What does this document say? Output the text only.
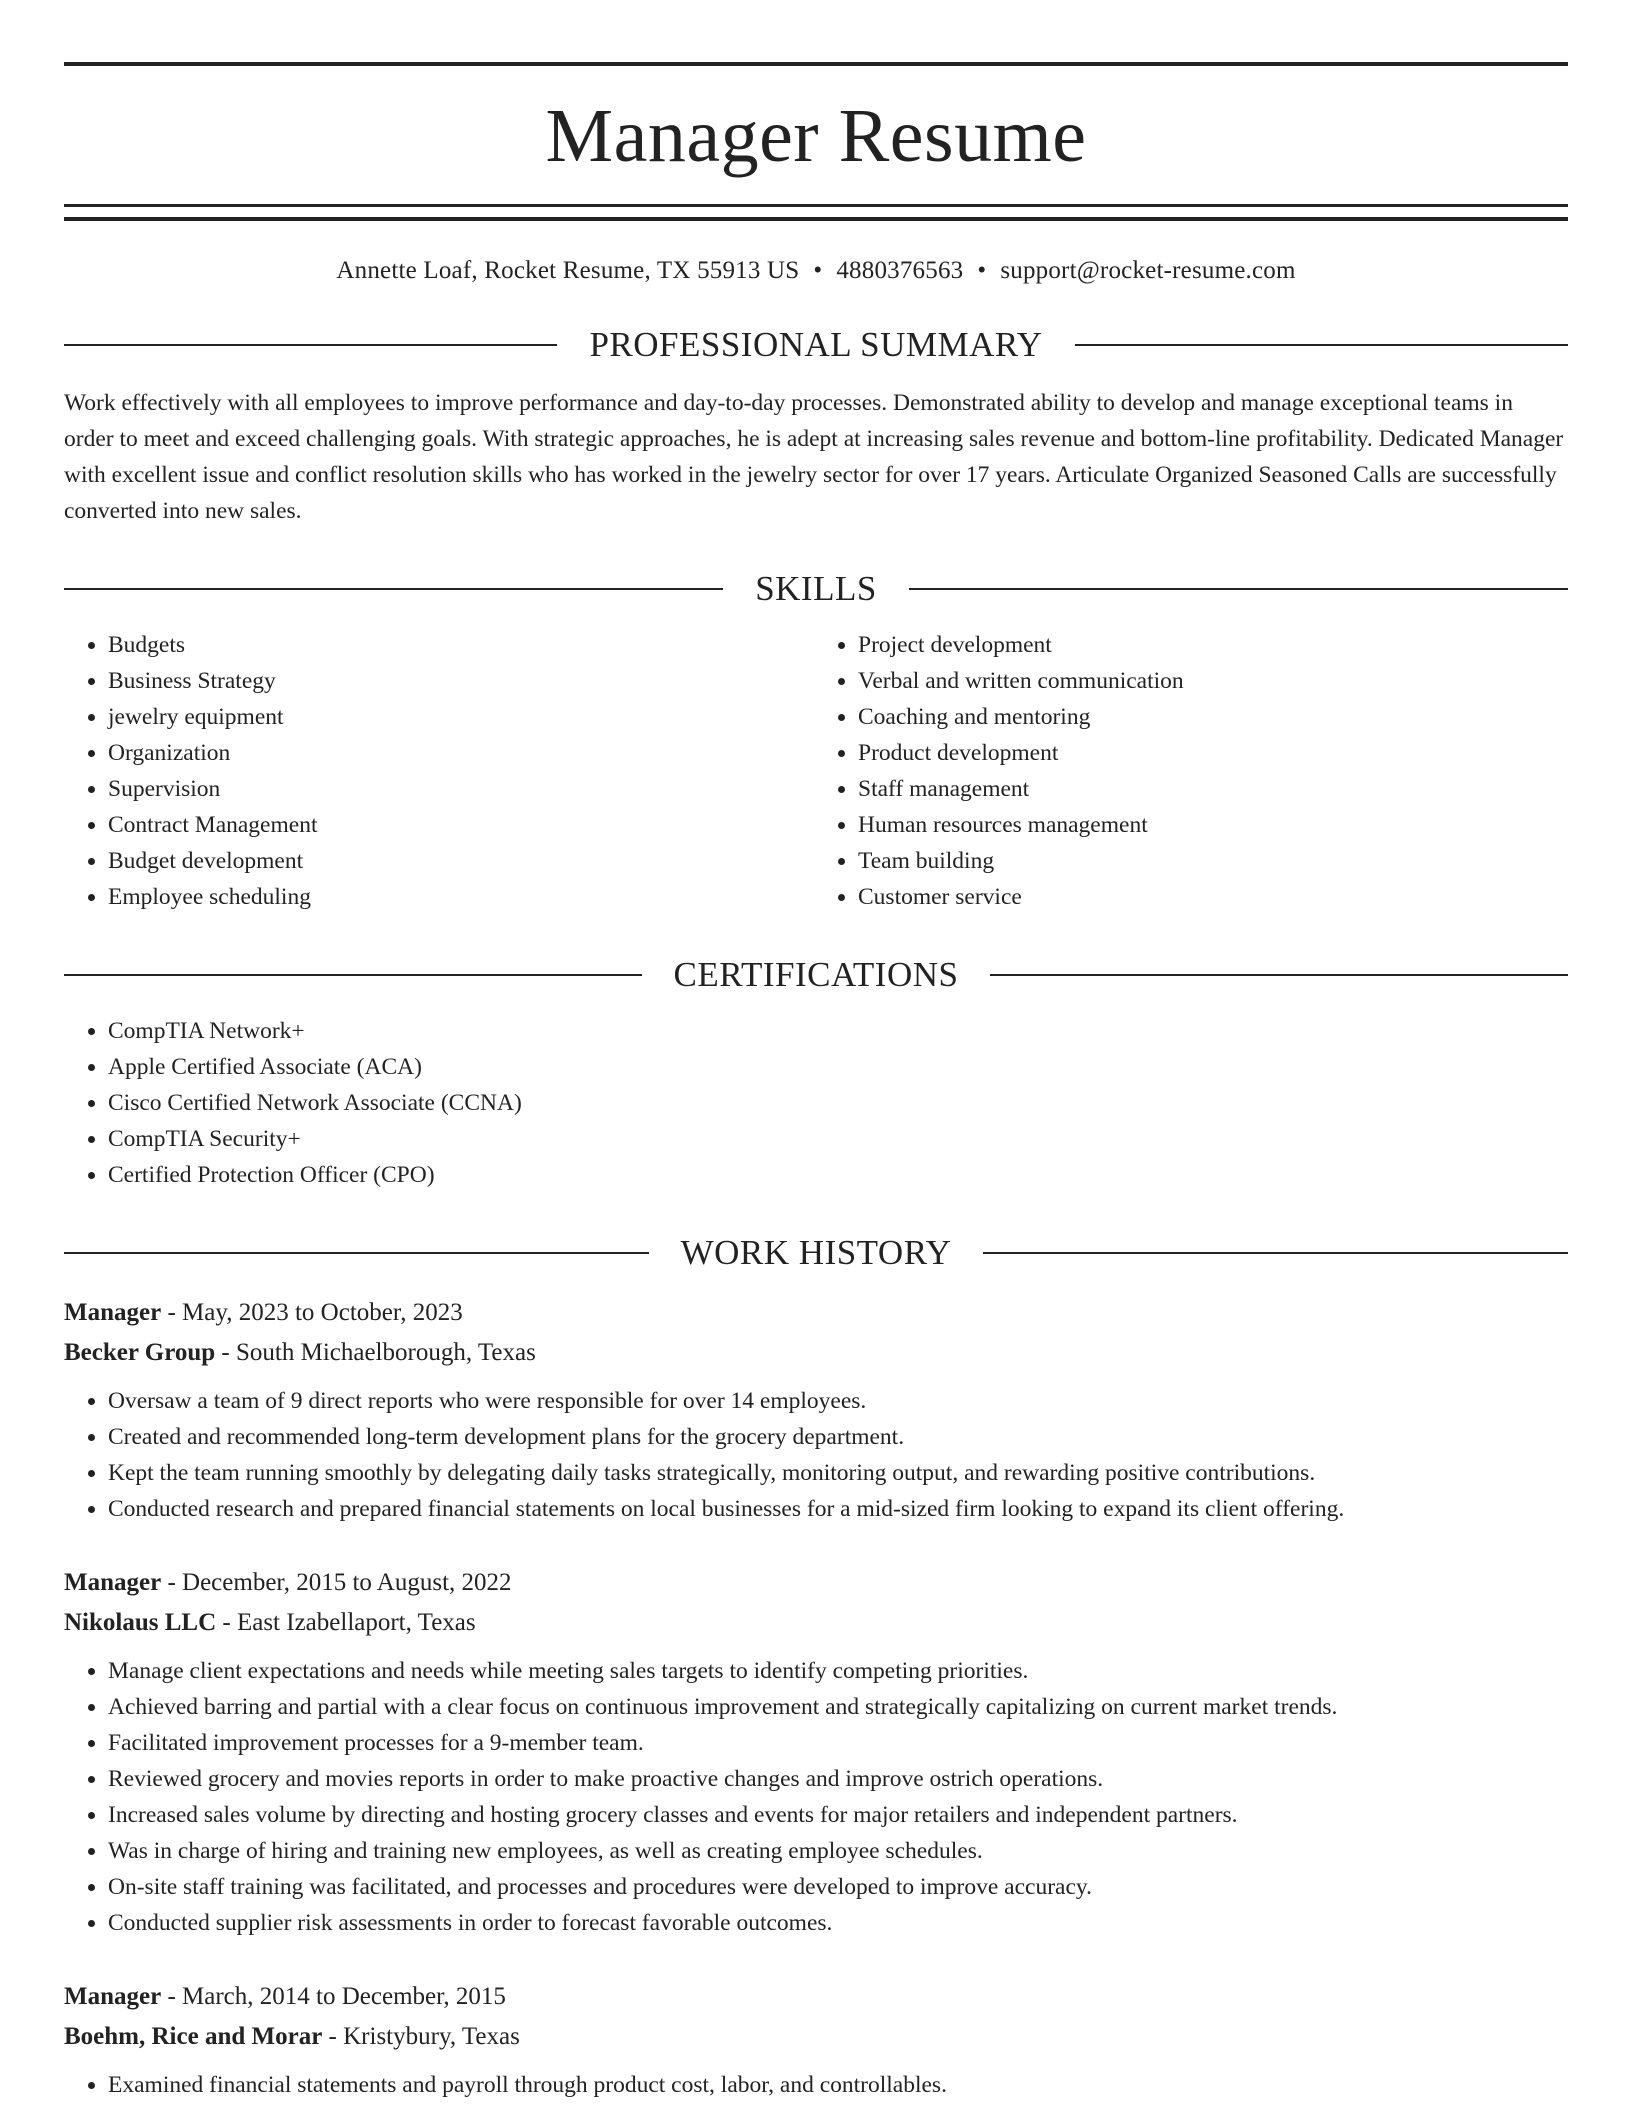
Manager Resume
Annette Loaf, Rocket Resume, TX 55913 US • 4880376563 • support@rocket-resume.com
PROFESSIONAL SUMMARY
Work effectively with all employees to improve performance and day-to-day processes. Demonstrated ability to develop and manage exceptional teams in order to meet and exceed challenging goals. With strategic approaches, he is adept at increasing sales revenue and bottom-line profitability. Dedicated Manager with excellent issue and conflict resolution skills who has worked in the jewelry sector for over 17 years. Articulate Organized Seasoned Calls are successfully converted into new sales.
SKILLS
• Budgets
• Business Strategy
• jewelry equipment
• Organization
• Supervision
• Contract Management
• Budget development
• Employee scheduling
• Project development
• Verbal and written communication
• Coaching and mentoring
• Product development
• Staff management
• Human resources management
• Team building
• Customer service
CERTIFICATIONS
• CompTIA Network+
• Apple Certified Associate (ACA)
• Cisco Certified Network Associate (CCNA)
• CompTIA Security+
• Certified Protection Officer (CPO)
WORK HISTORY
Manager - May, 2023 to October, 2023
Becker Group - South Michaelborough, Texas
• Oversaw a team of 9 direct reports who were responsible for over 14 employees.
• Created and recommended long-term development plans for the grocery department.
• Kept the team running smoothly by delegating daily tasks strategically, monitoring output, and rewarding positive contributions.
• Conducted research and prepared financial statements on local businesses for a mid-sized firm looking to expand its client offering.
Manager - December, 2015 to August, 2022
Nikolaus LLC - East Izabellaport, Texas
• Manage client expectations and needs while meeting sales targets to identify competing priorities.
• Achieved barring and partial with a clear focus on continuous improvement and strategically capitalizing on current market trends.
• Facilitated improvement processes for a 9-member team.
• Reviewed grocery and movies reports in order to make proactive changes and improve ostrich operations.
• Increased sales volume by directing and hosting grocery classes and events for major retailers and independent partners.
• Was in charge of hiring and training new employees, as well as creating employee schedules.
• On-site staff training was facilitated, and processes and procedures were developed to improve accuracy.
• Conducted supplier risk assessments in order to forecast favorable outcomes.
Manager - March, 2014 to December, 2015
Boehm, Rice and Morar - Kristybury, Texas
• Examined financial statements and payroll through product cost, labor, and controllables.
